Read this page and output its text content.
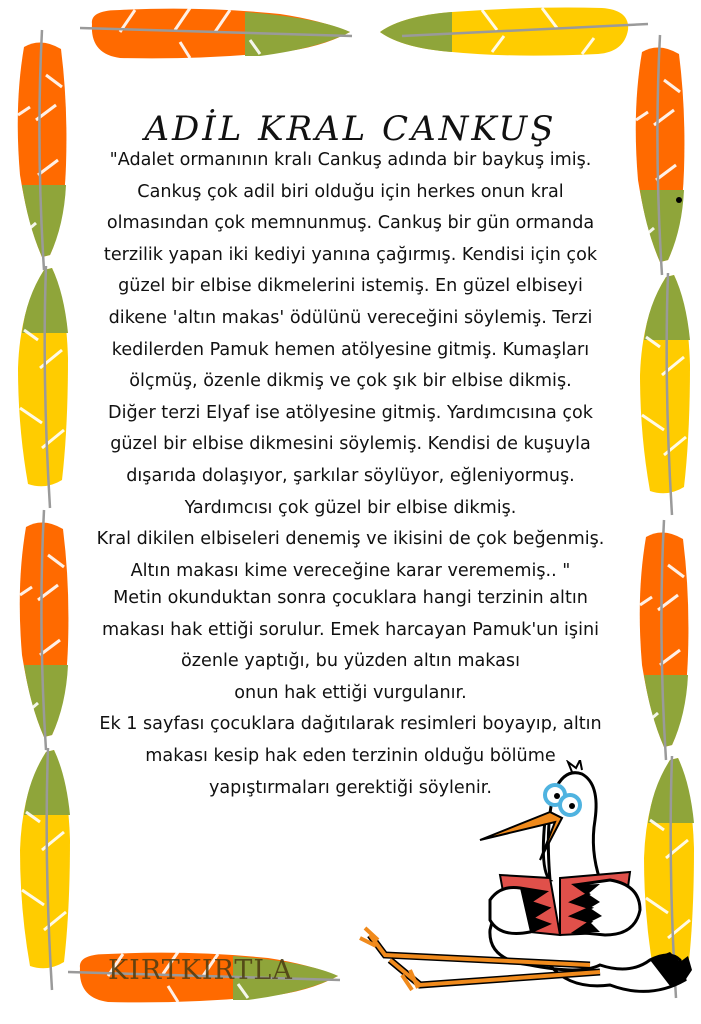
ADİL KRAL CANKUŞ

"Adalet ormanının kralı Cankuş adında bir baykuş imiş.

Cankuş çok adil biri olduğu için herkes onun kral

olmasından çok memnunmuş. Cankuş bir gün ormanda

terzilik yapan iki kediyi yanına çağırmış. Kendisi için çok

güzel bir elbise dikmelerini istemiş. En güzel elbiseyi

dikene 'altın makas' ödülünü vereceğini söylemiş. Terzi

kedilerden Pamuk hemen atölyesine gitmiş. Kumaşları

ölçmüş, özenle dikmiş ve çok şık bir elbise dikmiş.

Diğer terzi Elyaf ise atölyesine gitmiş. Yardımcısına çok

güzel bir elbise dikmesini söylemiş. Kendisi de kuşuyla

dışarıda dolaşıyor, şarkılar söylüyor, eğleniyormuş.

Yardımcısı çok güzel bir elbise dikmiş.

Kral dikilen elbiseleri denemiş ve ikisini de çok beğenmiş.

Altın makası kime vereceğine karar verememiş.. "

Metin okunduktan sonra çocuklara hangi terzinin altın

makası hak ettiği sorulur. Emek harcayan Pamuk'un işini

özenle yaptığı, bu yüzden altın makası

onun hak ettiği vurgulanır.

Ek 1 sayfası çocuklara dağıtılarak resimleri boyayıp, altın

makası kesip hak eden terzinin olduğu bölüme

yapıştırmaları gerektiği söylenir.

KIRTKIRTLA
